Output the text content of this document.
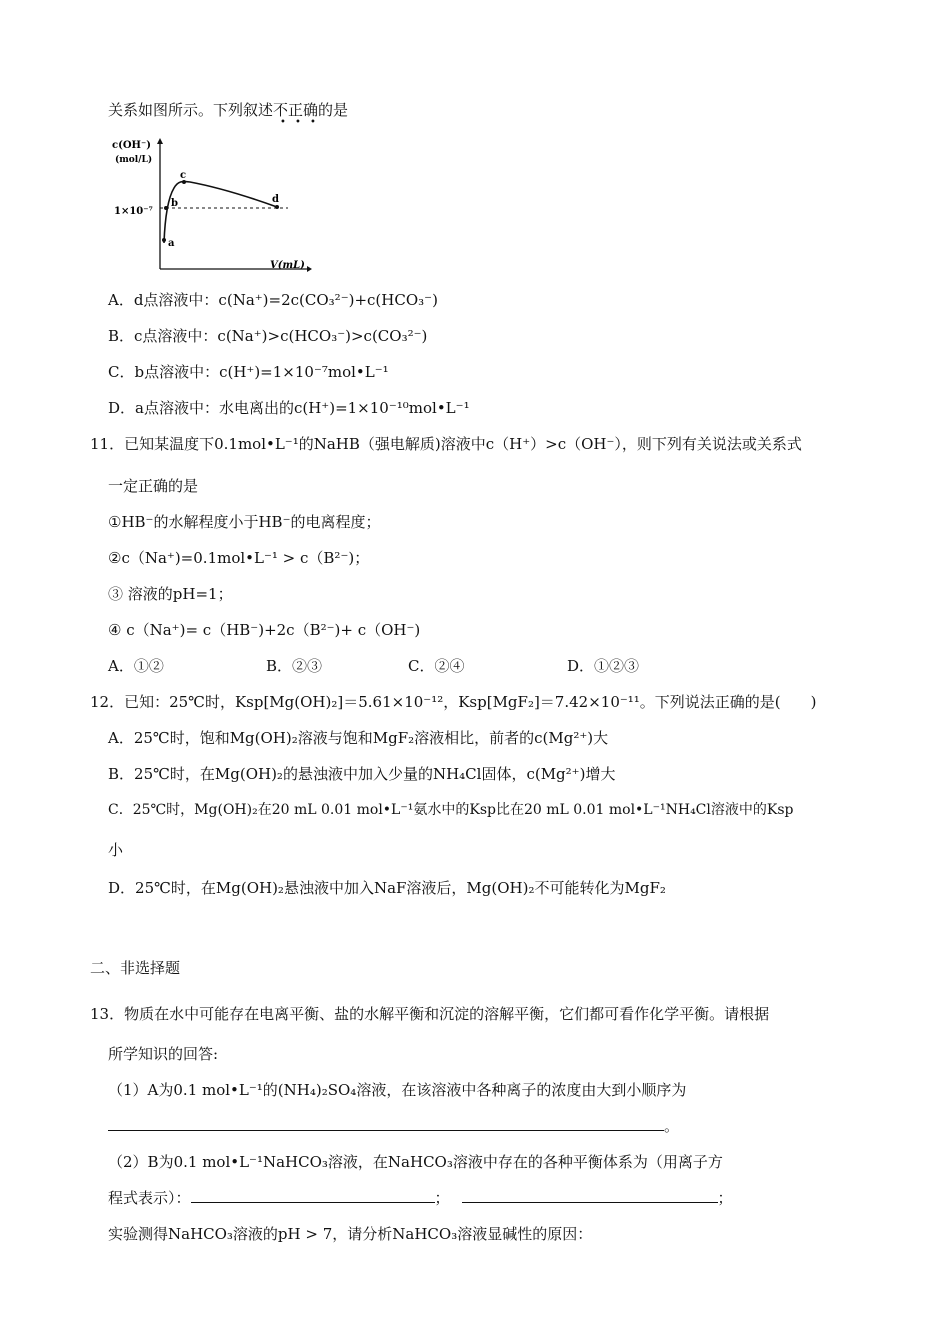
关系如图所示。下列叙述不正确
• • •
的是
c(OH⁻)
(mol/L)
1×10⁻⁷
V(mL)
a
b
c
d
A．d点溶液中：c(Na⁺)=2c(CO₃²⁻)+c(HCO₃⁻)
B．c点溶液中：c(Na⁺)>c(HCO₃⁻)>c(CO₃²⁻)
C．b点溶液中：c(H⁺)=1×10⁻⁷mol•L⁻¹
D．a点溶液中：水电离出的c(H⁺)=1×10⁻¹⁰mol•L⁻¹
11．已知某温度下0.1mol•L⁻¹的NaHB（强电解质)溶液中c（H⁺）>c（OH⁻），则下列有关说法或关系式
一定正确的是
①HB⁻的水解程度小于HB⁻的电离程度；
②c（Na⁺)=0.1mol•L⁻¹ > c（B²⁻)；
③ 溶液的pH=1；
④ c（Na⁺)= c（HB⁻)+2c（B²⁻)+ c（OH⁻)
A．①②	B．②③	C．②④	D．①②③
12．已知：25℃时，Ksp[Mg(OH)₂]＝5.61×10⁻¹²，Ksp[MgF₂]＝7.42×10⁻¹¹。下列说法正确的是(　　)
A．25℃时，饱和Mg(OH)₂溶液与饱和MgF₂溶液相比，前者的c(Mg²⁺)大
B．25℃时，在Mg(OH)₂的悬浊液中加入少量的NH₄Cl固体，c(Mg²⁺)增大
C．25℃时，Mg(OH)₂在20 mL 0.01 mol•L⁻¹氨水中的Ksp比在20 mL 0.01 mol•L⁻¹NH₄Cl溶液中的Ksp
小
D．25℃时，在Mg(OH)₂悬浊液中加入NaF溶液后，Mg(OH)₂不可能转化为MgF₂
二、非选择题
13．物质在水中可能存在电离平衡、盐的水解平衡和沉淀的溶解平衡，它们都可看作化学平衡。请根据
所学知识的回答:
（1）A为0.1 mol•L⁻¹的(NH₄)₂SO₄溶液，在该溶液中各种离子的浓度由大到小顺序为
。
（2）B为0.1 mol•L⁻¹NaHCO₃溶液，在NaHCO₃溶液中存在的各种平衡体系为（用离子方
程式表示）：	；	；
实验测得NaHCO₃溶液的pH > 7，请分析NaHCO₃溶液显碱性的原因：
